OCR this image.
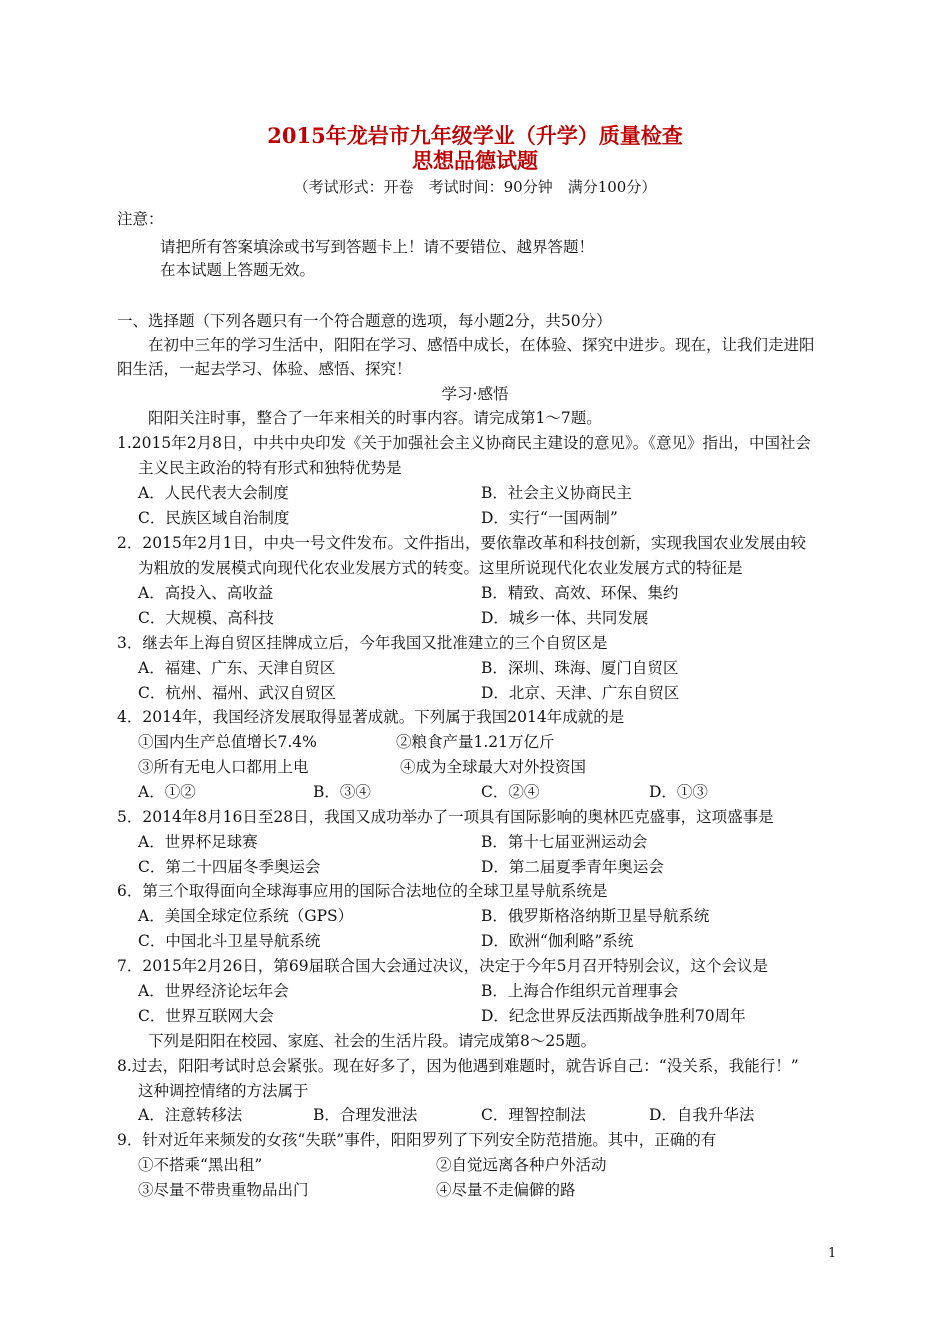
2015年龙岩市九年级学业（升学）质量检查
思想品德试题
（考试形式：开卷　考试时间：90分钟　满分100分）
注意：
请把所有答案填涂或书写到答题卡上！请不要错位、越界答题！
在本试题上答题无效。
一、选择题（下列各题只有一个符合题意的选项，每小题2分，共50分）
在初中三年的学习生活中，阳阳在学习、感悟中成长，在体验、探究中进步。现在，让我们走进阳
阳生活，一起去学习、体验、感悟、探究！
学习·感悟
阳阳关注时事，整合了一年来相关的时事内容。请完成第1～7题。
1.2015年2月8日，中共中央印发《关于加强社会主义协商民主建设的意见》。《意见》指出，中国社会
主义民主政治的特有形式和独特优势是
A．人民代表大会制度	B．社会主义协商民主
C．民族区域自治制度	D．实行“一国两制”
2．2015年2月1日，中央一号文件发布。文件指出，要依靠改革和科技创新，实现我国农业发展由较
为粗放的发展模式向现代化农业发展方式的转变。这里所说现代化农业发展方式的特征是
A．高投入、高收益	B．精致、高效、环保、集约
C．大规模、高科技	D．城乡一体、共同发展
3．继去年上海自贸区挂牌成立后，今年我国又批准建立的三个自贸区是
A．福建、广东、天津自贸区	B．深圳、珠海、厦门自贸区
C．杭州、福州、武汉自贸区	D．北京、天津、广东自贸区
4．2014年，我国经济发展取得显著成就。下列属于我国2014年成就的是
①国内生产总值增长7.4%	②粮食产量1.21万亿斤
③所有无电人口都用上电	④成为全球最大对外投资国
A．①②	B．③④	C．②④	D．①③
5．2014年8月16日至28日，我国又成功举办了一项具有国际影响的奥林匹克盛事，这项盛事是
A．世界杯足球赛	B．第十七届亚洲运动会
C．第二十四届冬季奥运会	D．第二届夏季青年奥运会
6．第三个取得面向全球海事应用的国际合法地位的全球卫星导航系统是
A．美国全球定位系统（GPS）	B．俄罗斯格洛纳斯卫星导航系统
C．中国北斗卫星导航系统	D．欧洲“伽利略”系统
7．2015年2月26日，第69届联合国大会通过决议，决定于今年5月召开特别会议，这个会议是
A．世界经济论坛年会	B．上海合作组织元首理事会
C．世界互联网大会	D．纪念世界反法西斯战争胜利70周年
下列是阳阳在校园、家庭、社会的生活片段。请完成第8～25题。
8.过去，阳阳考试时总会紧张。现在好多了，因为他遇到难题时，就告诉自己：“没关系，我能行！”
这种调控情绪的方法属于
A．注意转移法	B．合理发泄法	C．理智控制法	D．自我升华法
9．针对近年来频发的女孩“失联”事件，阳阳罗列了下列安全防范措施。其中，正确的有
①不搭乘“黑出租”	②自觉远离各种户外活动
③尽量不带贵重物品出门	④尽量不走偏僻的路
1
